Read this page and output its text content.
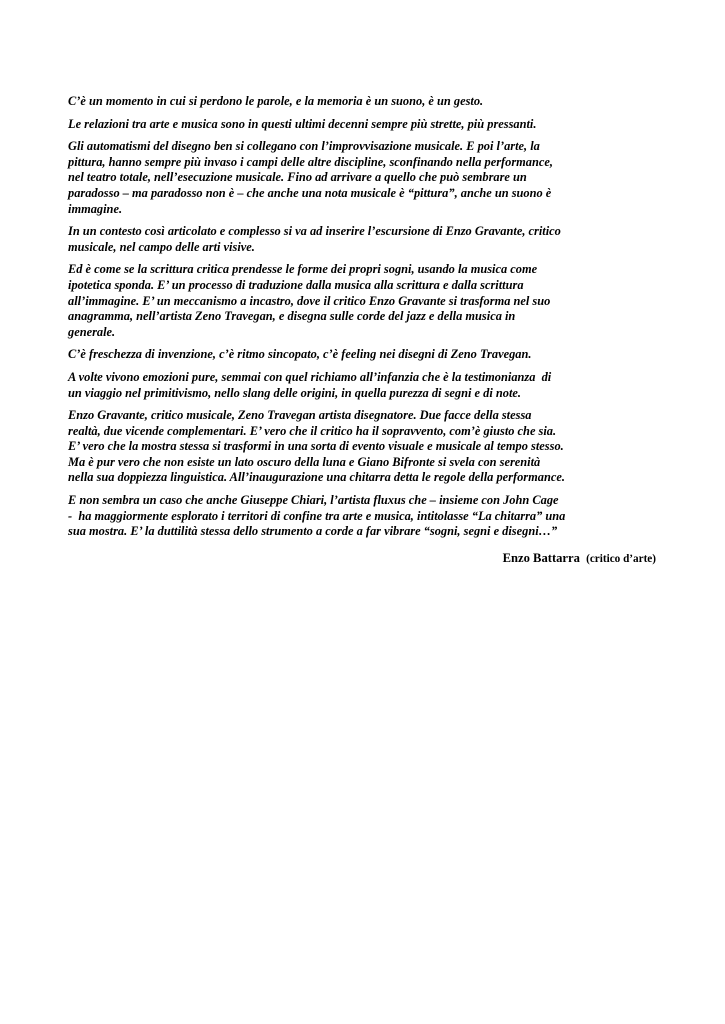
C’è un momento in cui si perdono le parole, e la memoria è un suono, è un gesto.

Le relazioni tra arte e musica sono in questi ultimi decenni sempre più strette, più pressanti.

Gli automatismi del disegno ben si collegano con l’improvvisazione musicale. E poi l’arte, la
pittura, hanno sempre più invaso i campi delle altre discipline, sconfinando nella performance,
nel teatro totale, nell’esecuzione musicale. Fino ad arrivare a quello che può sembrare un
paradosso – ma paradosso non è – che anche una nota musicale è “pittura”, anche un suono è
immagine.

In un contesto così articolato e complesso si va ad inserire l’escursione di Enzo Gravante, critico
musicale, nel campo delle arti visive.

Ed è come se la scrittura critica prendesse le forme dei propri sogni, usando la musica come
ipotetica sponda. E’ un processo di traduzione dalla musica alla scrittura e dalla scrittura
all’immagine. E’ un meccanismo a incastro, dove il critico Enzo Gravante si trasforma nel suo
anagramma, nell’artista Zeno Travegan, e disegna sulle corde del jazz e della musica in
generale.

C’è freschezza di invenzione, c’è ritmo sincopato, c’è feeling nei disegni di Zeno Travegan.

A volte vivono emozioni pure, semmai con quel richiamo all’infanzia che è la testimonianza  di
un viaggio nel primitivismo, nello slang delle origini, in quella purezza di segni e di note.

Enzo Gravante, critico musicale, Zeno Travegan artista disegnatore. Due facce della stessa
realtà, due vicende complementari. E’ vero che il critico ha il sopravvento, com’è giusto che sia.
E’ vero che la mostra stessa si trasformi in una sorta di evento visuale e musicale al tempo stesso.
Ma è pur vero che non esiste un lato oscuro della luna e Giano Bifronte si svela con serenità
nella sua doppiezza linguistica. All’inaugurazione una chitarra detta le regole della performance.

E non sembra un caso che anche Giuseppe Chiari, l’artista fluxus che – insieme con John Cage
-  ha maggiormente esplorato i territori di confine tra arte e musica, intitolasse “La chitarra” una
sua mostra. E’ la duttilità stessa dello strumento a corde a far vibrare “sogni, segni e disegni…”

Enzo Battarra (critico d’arte)
